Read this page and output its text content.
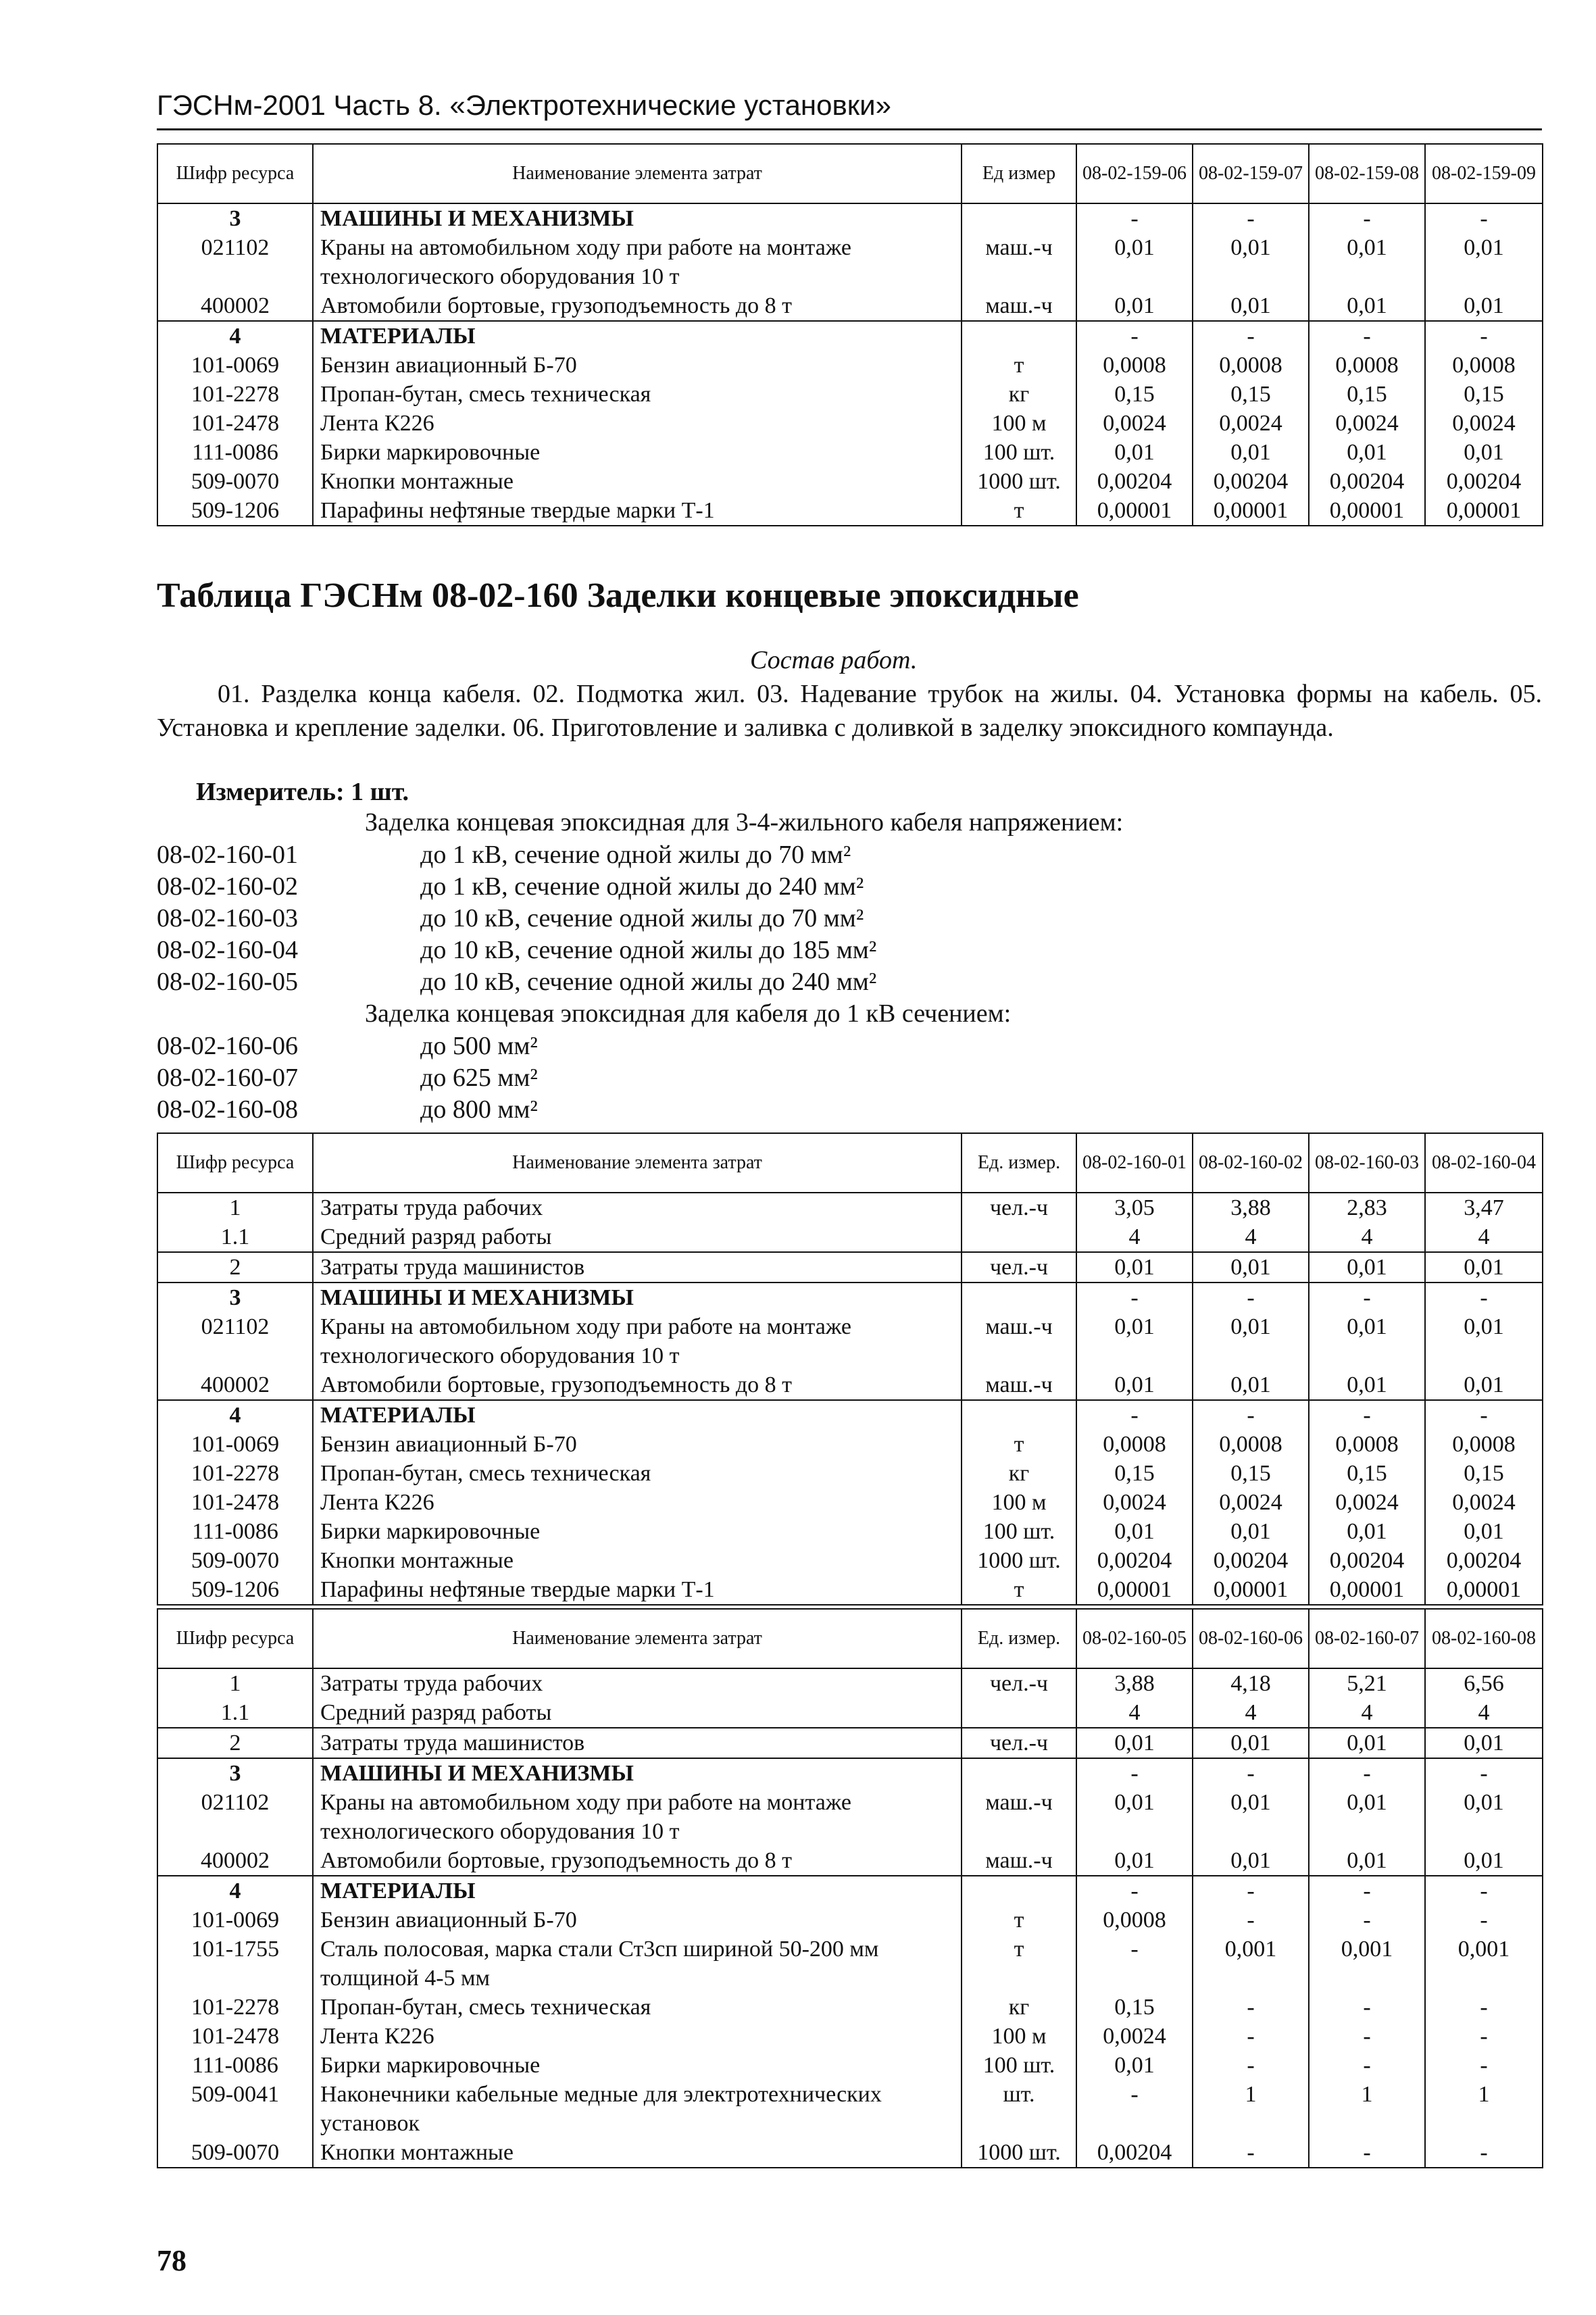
ГЭСНм-2001 Часть 8. «Электротехнические установки»
Шифр ресурса	Наименование элемента затрат	Ед измер	08-02-159-06	08-02-159-07	08-02-159-08	08-02-159-09
3	МАШИНЫ И МЕХАНИЗМЫ		-	-	-	-
021102	Краны на автомобильном ходу при работе на монтаже технологического оборудования 10 т	маш.-ч	0,01	0,01	0,01	0,01
400002	Автомобили бортовые, грузоподъемность до 8 т	маш.-ч	0,01	0,01	0,01	0,01
4	МАТЕРИАЛЫ		-	-	-	-
101-0069	Бензин авиационный Б-70	т	0,0008	0,0008	0,0008	0,0008
101-2278	Пропан-бутан, смесь техническая	кг	0,15	0,15	0,15	0,15
101-2478	Лента К226	100 м	0,0024	0,0024	0,0024	0,0024
111-0086	Бирки маркировочные	100 шт.	0,01	0,01	0,01	0,01
509-0070	Кнопки монтажные	1000 шт.	0,00204	0,00204	0,00204	0,00204
509-1206	Парафины нефтяные твердые марки Т-1	т	0,00001	0,00001	0,00001	0,00001
Таблица ГЭСНм 08-02-160 Заделки концевые эпоксидные
Состав работ.

01. Разделка конца кабеля. 02. Подмотка жил. 03. Надевание трубок на жилы. 04. Установка формы на кабель. 05. Установка и крепление заделки. 06. Приготовление и заливка с доливкой в заделку эпоксидного компаунда.

Измеритель: 1 шт.
Заделка концевая эпоксидная для 3-4-жильного кабеля напряжением:
Заделка концевая эпоксидная для кабеля до 1 кВ сечением:
Шифр ресурса	Наименование элемента затрат	Ед. измер.	08-02-160-01	08-02-160-02	08-02-160-03	08-02-160-04
1	Затраты труда рабочих	чел.-ч	3,05	3,88	2,83	3,47
1.1	Средний разряд работы		4	4	4	4
2	Затраты труда машинистов	чел.-ч	0,01	0,01	0,01	0,01
3	МАШИНЫ И МЕХАНИЗМЫ		-	-	-	-
021102	Краны на автомобильном ходу при работе на монтаже технологического оборудования 10 т	маш.-ч	0,01	0,01	0,01	0,01
400002	Автомобили бортовые, грузоподъемность до 8 т	маш.-ч	0,01	0,01	0,01	0,01
4	МАТЕРИАЛЫ		-	-	-	-
101-0069	Бензин авиационный Б-70	т	0,0008	0,0008	0,0008	0,0008
101-2278	Пропан-бутан, смесь техническая	кг	0,15	0,15	0,15	0,15
101-2478	Лента К226	100 м	0,0024	0,0024	0,0024	0,0024
111-0086	Бирки маркировочные	100 шт.	0,01	0,01	0,01	0,01
509-0070	Кнопки монтажные	1000 шт.	0,00204	0,00204	0,00204	0,00204
509-1206	Парафины нефтяные твердые марки Т-1	т	0,00001	0,00001	0,00001	0,00001
Шифр ресурса	Наименование элемента затрат	Ед. измер.	08-02-160-05	08-02-160-06	08-02-160-07	08-02-160-08
1	Затраты труда рабочих	чел.-ч	3,88	4,18	5,21	6,56
1.1	Средний разряд работы		4	4	4	4
2	Затраты труда машинистов	чел.-ч	0,01	0,01	0,01	0,01
3	МАШИНЫ И МЕХАНИЗМЫ		-	-	-	-
021102	Краны на автомобильном ходу при работе на монтаже технологического оборудования 10 т	маш.-ч	0,01	0,01	0,01	0,01
400002	Автомобили бортовые, грузоподъемность до 8 т	маш.-ч	0,01	0,01	0,01	0,01
4	МАТЕРИАЛЫ		-	-	-	-
101-0069	Бензин авиационный Б-70	т	0,0008	-	-	-
101-1755	Сталь полосовая, марка стали Ст3сп шириной 50-200 мм толщиной 4-5 мм	т	-	0,001	0,001	0,001
101-2278	Пропан-бутан, смесь техническая	кг	0,15	-	-	-
101-2478	Лента К226	100 м	0,0024	-	-	-
111-0086	Бирки маркировочные	100 шт.	0,01	-	-	-
509-0041	Наконечники кабельные медные для электротехнических установок	шт.	-	1	1	1
509-0070	Кнопки монтажные	1000 шт.	0,00204	-	-	-
78
08-02-160-01	до 1 кВ, сечение одной жилы до 70 мм²
08-02-160-02	до 1 кВ, сечение одной жилы до 240 мм²
08-02-160-03	до 10 кВ, сечение одной жилы до 70 мм²
08-02-160-04	до 10 кВ, сечение одной жилы до 185 мм²
08-02-160-05	до 10 кВ, сечение одной жилы до 240 мм²
08-02-160-06	до 500 мм²
08-02-160-07	до 625 мм²
08-02-160-08	до 800 мм²
